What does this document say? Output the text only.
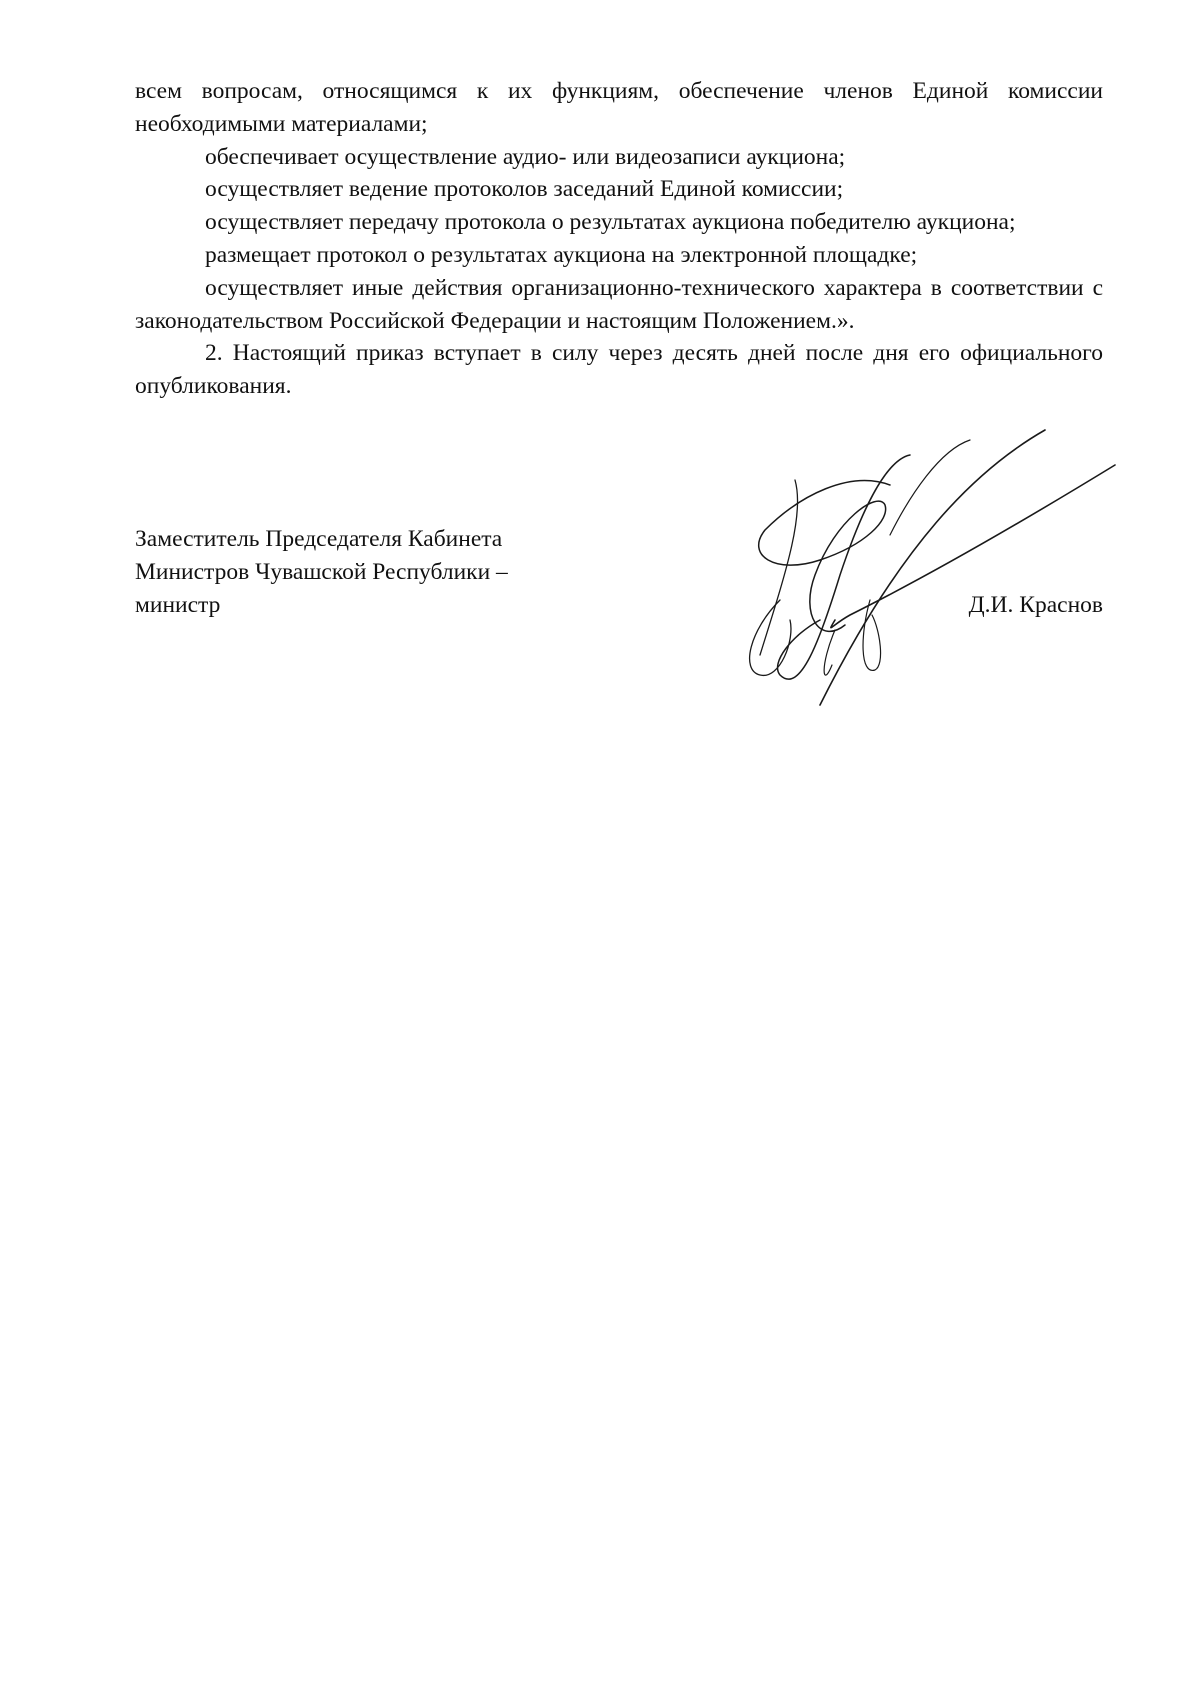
всем вопросам, относящимся к их функциям, обеспечение членов Единой комиссии необходимыми материалами;

обеспечивает осуществление аудио- или видеозаписи аукциона;

осуществляет ведение протоколов заседаний Единой комиссии;

осуществляет передачу протокола о результатах аукциона победителю аукциона;

размещает протокол о результатах аукциона на электронной площадке;

осуществляет иные действия организационно-технического характера в соответствии с законодательством Российской Федерации и настоящим Положением.».

2. Настоящий приказ вступает в силу через десять дней после дня его официального опубликования.

Заместитель Председателя Кабинета
Министров Чувашской Республики –
министр	Д.И. Краснов
